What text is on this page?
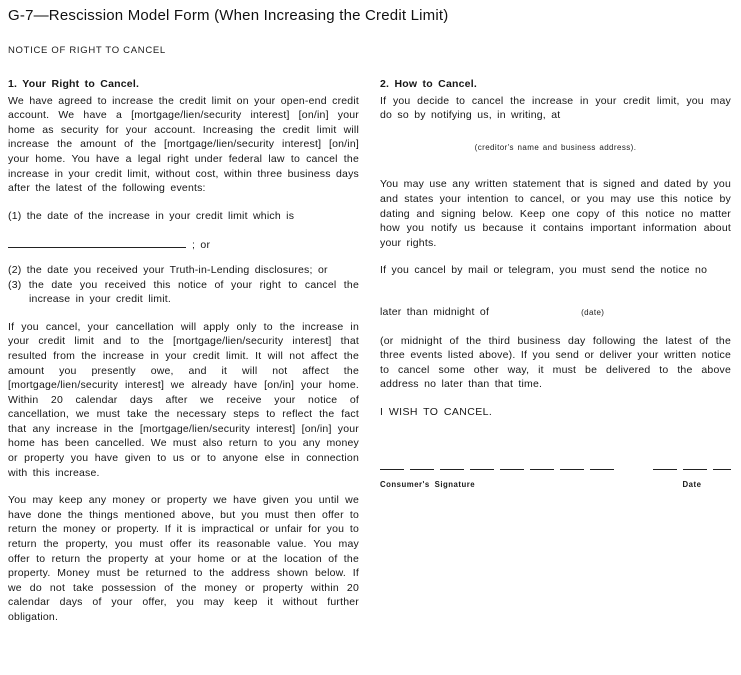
G-7—Rescission Model Form (When Increasing the Credit Limit)
NOTICE OF RIGHT TO CANCEL
1. Your Right to Cancel.

We have agreed to increase the credit limit on your open-end credit account. We have a [mortgage/lien/security interest] [on/in] your home as security for your account. Increasing the credit limit will increase the amount of the [mortgage/lien/security interest] [on/in] your home. You have a legal right under federal law to cancel the increase in your credit limit, without cost, within three business days after the latest of the following events:

(1) the date of the increase in your credit limit which is

; or

(2) the date you received your Truth-in-Lending disclosures; or

(3) the date you received this notice of your right to cancel the increase in your credit limit.

If you cancel, your cancellation will apply only to the increase in your credit limit and to the [mortgage/lien/security interest] that resulted from the increase in your credit limit. It will not affect the amount you presently owe, and it will not affect the [mortgage/lien/security interest] we already have [on/in] your home. Within 20 calendar days after we receive your notice of cancellation, we must take the necessary steps to reflect the fact that any increase in the [mortgage/lien/security interest] [on/in] your home has been cancelled. We must also return to you any money or property you have given to us or to anyone else in connection with this increase.

You may keep any money or property we have given you until we have done the things mentioned above, but you must then offer to return the money or property. If it is impractical or unfair for you to return the property, you must offer its reasonable value. You may offer to return the property at your home or at the location of the property. Money must be returned to the address shown below. If we do not take possession of the money or property within 20 calendar days of your offer, you may keep it without further obligation.

2. How to Cancel.

If you decide to cancel the increase in your credit limit, you may do so by notifying us, in writing, at

(creditor's name and business address).

You may use any written statement that is signed and dated by you and states your intention to cancel, or you may use this notice by dating and signing below. Keep one copy of this notice no matter how you notify us because it contains important information about your rights.

If you cancel by mail or telegram, you must send the notice no

later than midnight of	(date)

(or midnight of the third business day following the latest of the three events listed above). If you send or deliver your written notice to cancel some other way, it must be delivered to the above address no later than that time.

I WISH TO CANCEL.

Consumer's Signature	Date
